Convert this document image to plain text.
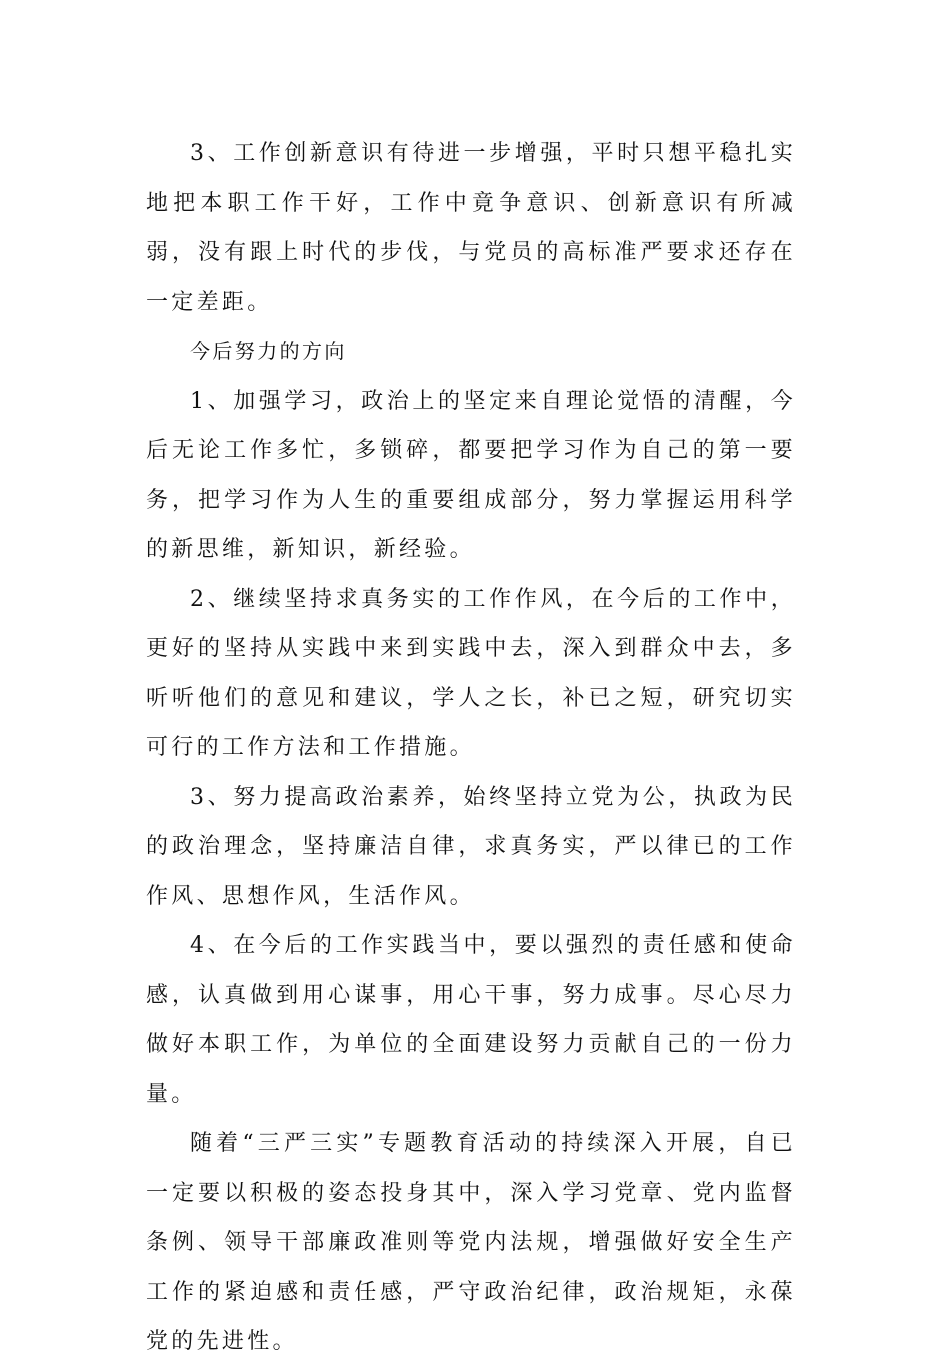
3、工作创新意识有待进一步增强，平时只想平稳扎实地把本职工作干好，工作中竟争意识、创新意识有所减弱，没有跟上时代的步伐，与党员的高标准严要求还存在一定差距。

今后努力的方向

1、加强学习，政治上的坚定来自理论觉悟的清醒，今后无论工作多忙，多锁碎，都要把学习作为自己的第一要务，把学习作为人生的重要组成部分，努力掌握运用科学的新思维，新知识，新经验。

2、继续坚持求真务实的工作作风，在今后的工作中，更好的坚持从实践中来到实践中去，深入到群众中去，多听听他们的意见和建议，学人之长，补已之短，研究切实可行的工作方法和工作措施。

3、努力提高政治素养，始终坚持立党为公，执政为民的政治理念，坚持廉洁自律，求真务实，严以律已的工作作风、思想作风，生活作风。

4、在今后的工作实践当中，要以强烈的责任感和使命感，认真做到用心谋事，用心干事，努力成事。尽心尽力做好本职工作，为单位的全面建设努力贡献自己的一份力量。

随着“三严三实”专题教育活动的持续深入开展，自已一定要以积极的姿态投身其中，深入学习党章、党内监督条例、领导干部廉政准则等党内法规，增强做好安全生产工作的紧迫感和责任感，严守政治纪律，政治规矩，永葆党的先进性。
